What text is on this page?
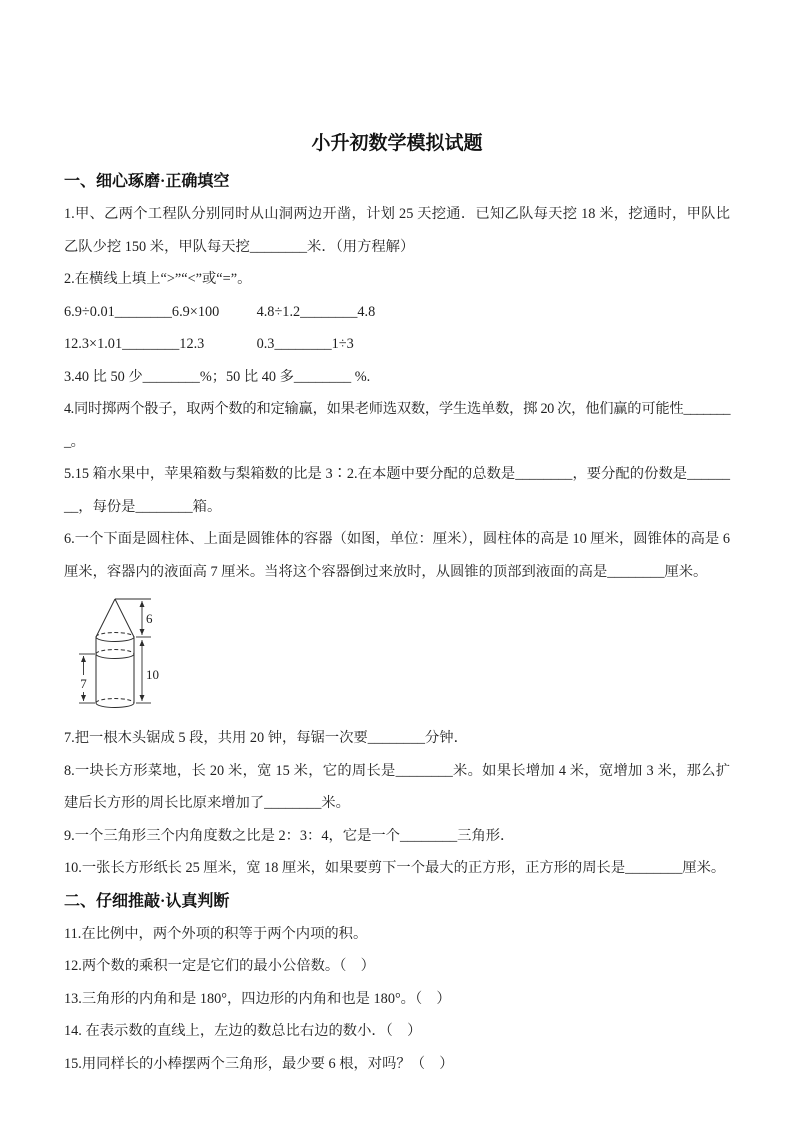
小升初数学模拟试题
一、细心琢磨·正确填空

1.甲、乙两个工程队分别同时从山洞两边开凿，计划 25 天挖通．已知乙队每天挖 18 米，挖通时，甲队比乙队少挖 150 米，甲队每天挖________米．（用方程解）

2.在横线上填上“>”“<”或“=”。

6.9÷0.01________6.9×100	4.8÷1.2________4.8

12.3×1.01________12.3	0.3________1÷3

3.40 比 50 少________%；50 比 40 多________ %.

4.同时掷两个骰子，取两个数的和定输赢，如果老师选双数，学生选单数，掷 20 次，他们赢的可能性________。

5.15 箱水果中，苹果箱数与梨箱数的比是 3∶2.在本题中要分配的总数是________，要分配的份数是________，每份是________箱。

6.一个下面是圆柱体、上面是圆锥体的容器（如图，单位：厘米），圆柱体的高是 10 厘米，圆锥体的高是 6 厘米，容器内的液面高 7 厘米。当将这个容器倒过来放时，从圆锥的顶部到液面的高是________厘米。

6
10
7

7.把一根木头锯成 5 段，共用 20 钟，每锯一次要________分钟．

8.一块长方形菜地，长 20 米，宽 15 米，它的周长是________米。如果长增加 4 米，宽增加 3 米，那么扩建后长方形的周长比原来增加了________米。

9.一个三角形三个内角度数之比是 2：3：4，它是一个________三角形．

10.一张长方形纸长 25 厘米，宽 18 厘米，如果要剪下一个最大的正方形，正方形的周长是________厘米。

二、仔细推敲·认真判断

11.在比例中，两个外项的积等于两个内项的积。

12.两个数的乘积一定是它们的最小公倍数。（　）

13.三角形的内角和是 180°，四边形的内角和也是 180°。（　）

14. 在表示数的直线上，左边的数总比右边的数小．（　）

15.用同样长的小棒摆两个三角形，最少要 6 根，对吗？（　）
